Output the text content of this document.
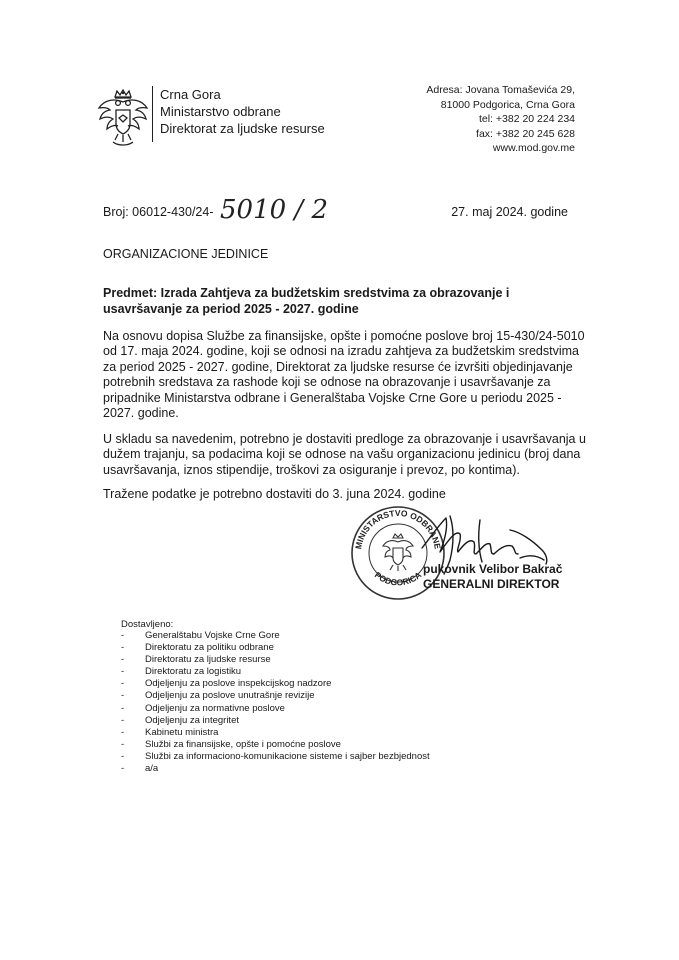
Crna Gora
Ministarstvo odbrane
Direktorat za ljudske resurse
Adresa: Jovana Tomaševića 29,
81000 Podgorica, Crna Gora
tel: +382 20 224 234
fax: +382 20 245 628
www.mod.gov.me
Broj: 06012-430/24- 5010 / 2	27. maj 2024. godine
ORGANIZACIONE JEDINICE
Predmet: Izrada Zahtjeva za budžetskim sredstvima za obrazovanje i
usavršavanje za period 2025 - 2027. godine
Na osnovu dopisa Službe za finansijske, opšte i pomoćne poslove broj 15-430/24-5010
od 17. maja 2024. godine, koji se odnosi na izradu zahtjeva za budžetskim sredstvima
za period 2025 - 2027. godine, Direktorat za ljudske resurse će izvršiti objedinjavanje
potrebnih sredstava za rashode koji se odnose na obrazovanje i usavršavanje za
pripadnike Ministarstva odbrane i Generalštaba Vojske Crne Gore u periodu 2025 -
2027. godine.
U skladu sa navedenim, potrebno je dostaviti predloge za obrazovanje i usavršavanja u
dužem trajanju, sa podacima koji se odnose na vašu organizacionu jedinicu (broj dana
usavršavanja, iznos stipendije, troškovi za osiguranje i prevoz, po kontima).
Tražene podatke je potrebno dostaviti do 3. juna 2024. godine
MINISTARSTVO ODBRANE
PODGORICA pukovnik Velibor Bakrač
GENERALNI DIREKTOR
Dostavljeno:
- Generalštabu Vojske Crne Gore
- Direktoratu za politiku odbrane
- Direktoratu za ljudske resurse
- Direktoratu za logistiku
- Odjeljenju za poslove inspekcijskog nadzore
- Odjeljenju za poslove unutrašnje revizije
- Odjeljenju za normativne poslove
- Odjeljenju za integritet
- Kabinetu ministra
- Službi za finansijske, opšte i pomoćne poslove
- Službi za informaciono-komunikacione sisteme i sajber bezbjednost
- a/a
